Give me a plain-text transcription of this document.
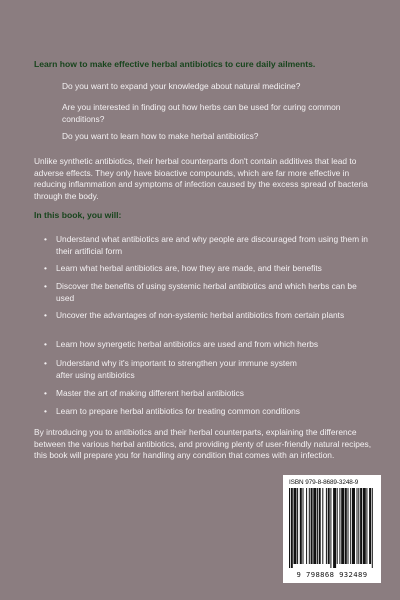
Learn how to make effective herbal antibiotics to cure daily ailments.
Do you want to expand your knowledge about natural medicine?
Are you interested in finding out how herbs can be used for curing common conditions?
Do you want to learn how to make herbal antibiotics?
Unlike synthetic antibiotics, their herbal counterparts don't contain additives that lead to adverse effects. They only have bioactive compounds, which are far more effective in reducing inflammation and symptoms of infection caused by the excess spread of bacteria through the body.
In this book, you will:
• Understand what antibiotics are and why people are discouraged from using them in their artificial form
• Learn what herbal antibiotics are, how they are made, and their benefits
• Discover the benefits of using systemic herbal antibiotics and which herbs can be used
• Uncover the advantages of non-systemic herbal antibiotics from certain plants
• Learn how synergetic herbal antibiotics are used and from which herbs
• Understand why it's important to strengthen your immune system after using antibiotics
• Master the art of making different herbal antibiotics
• Learn to prepare herbal antibiotics for treating common conditions
By introducing you to antibiotics and their herbal counterparts, explaining the difference between the various herbal antibiotics, and providing plenty of user-friendly natural recipes, this book will prepare you for handling any condition that comes with an infection.
ISBN 979-8-8689-3248-9
9 798868 932489
